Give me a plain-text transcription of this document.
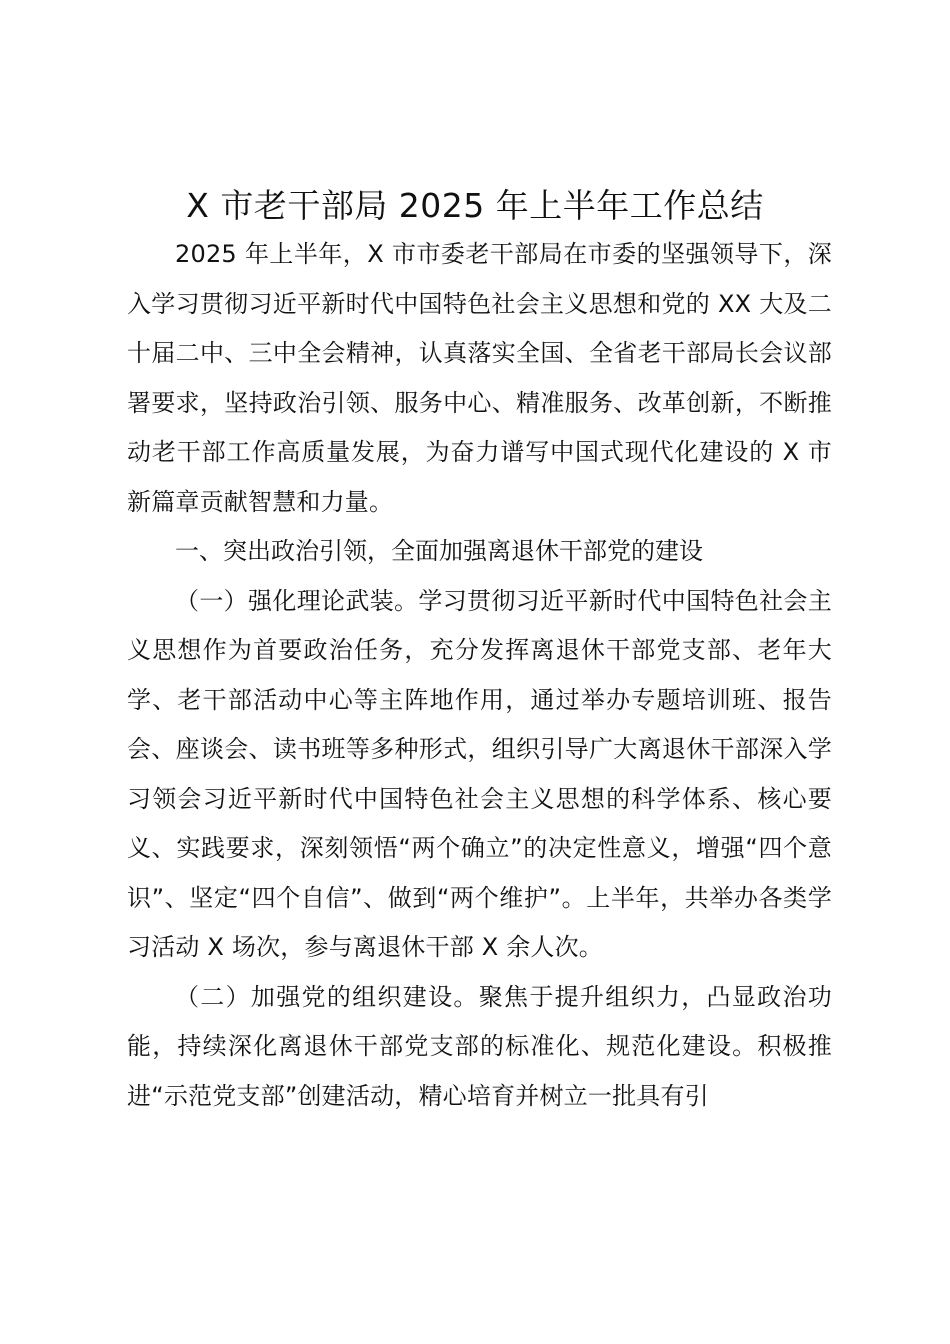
X 市老干部局 2025 年上半年工作总结

2025 年上半年，X 市市委老干部局在市委的坚强领导下，深入学习贯彻习近平新时代中国特色社会主义思想和党的 XX 大及二十届二中、三中全会精神，认真落实全国、全省老干部局长会议部署要求，坚持政治引领、服务中心、精准服务、改革创新，不断推动老干部工作高质量发展，为奋力谱写中国式现代化建设的 X 市新篇章贡献智慧和力量。

一、突出政治引领，全面加强离退休干部党的建设

（一）强化理论武装。学习贯彻习近平新时代中国特色社会主义思想作为首要政治任务，充分发挥离退休干部党支部、老年大学、老干部活动中心等主阵地作用，通过举办专题培训班、报告会、座谈会、读书班等多种形式，组织引导广大离退休干部深入学习领会习近平新时代中国特色社会主义思想的科学体系、核心要义、实践要求，深刻领悟“两个确立”的决定性意义，增强“四个意识”、坚定“四个自信”、做到“两个维护”。上半年，共举办各类学习活动 X 场次，参与离退休干部 X 余人次。

（二）加强党的组织建设。聚焦于提升组织力，凸显政治功能，持续深化离退休干部党支部的标准化、规范化建设。积极推进“示范党支部”创建活动，精心培育并树立一批具有引
